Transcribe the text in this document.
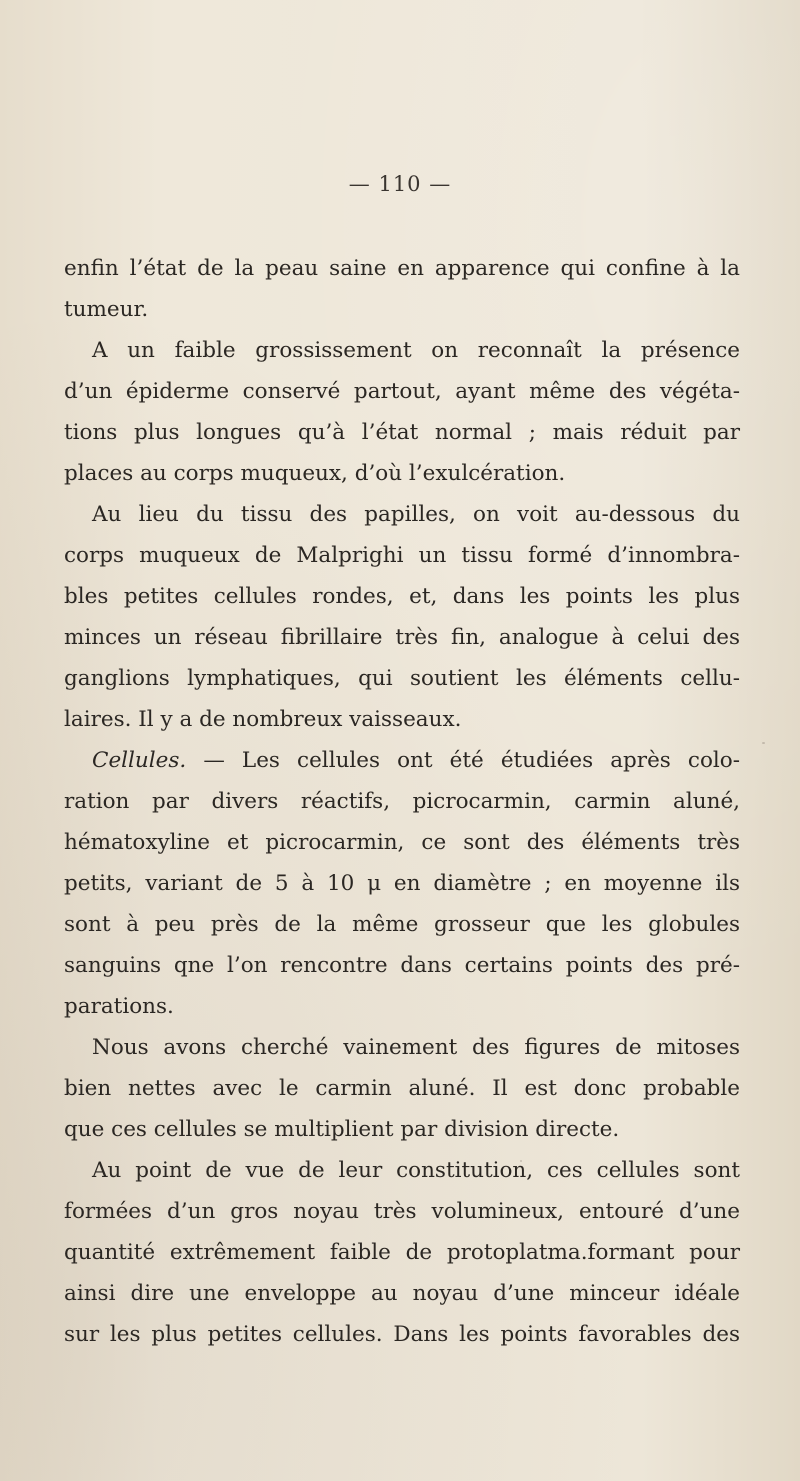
— 110 —
enfin l’état de la peau saine en apparence qui confine à la
tumeur.
A un faible grossissement on reconnaît la présence
d’un épiderme conservé partout, ayant même des végéta-
tions plus longues qu’à l’état normal ; mais réduit par
places au corps muqueux, d’où l’exulcération.
Au lieu du tissu des papilles, on voit au-dessous du
corps muqueux de Malprighi un tissu formé d’innombra-
bles petites cellules rondes, et, dans les points les plus
minces un réseau fibrillaire très fin, analogue à celui des
ganglions lymphatiques, qui soutient les éléments cellu-
laires. Il y a de nombreux vaisseaux.
Cellules. — Les cellules ont été étudiées après colo-
ration par divers réactifs, picrocarmin, carmin aluné,
hématoxyline et picrocarmin, ce sont des éléments très
petits, variant de 5 à 10 μ en diamètre ; en moyenne ils
sont à peu près de la même grosseur que les globules
sanguins qne l’on rencontre dans certains points des pré-
parations.
Nous avons cherché vainement des figures de mitoses
bien nettes avec le carmin aluné. Il est donc probable
que ces cellules se multiplient par division directe.
Au point de vue de leur constitution, ces cellules sont
formées d’un gros noyau très volumineux, entouré d’une
quantité extrêmement faible de protoplatma.formant pour
ainsi dire une enveloppe au noyau d’une minceur idéale
sur les plus petites cellules. Dans les points favorables des
